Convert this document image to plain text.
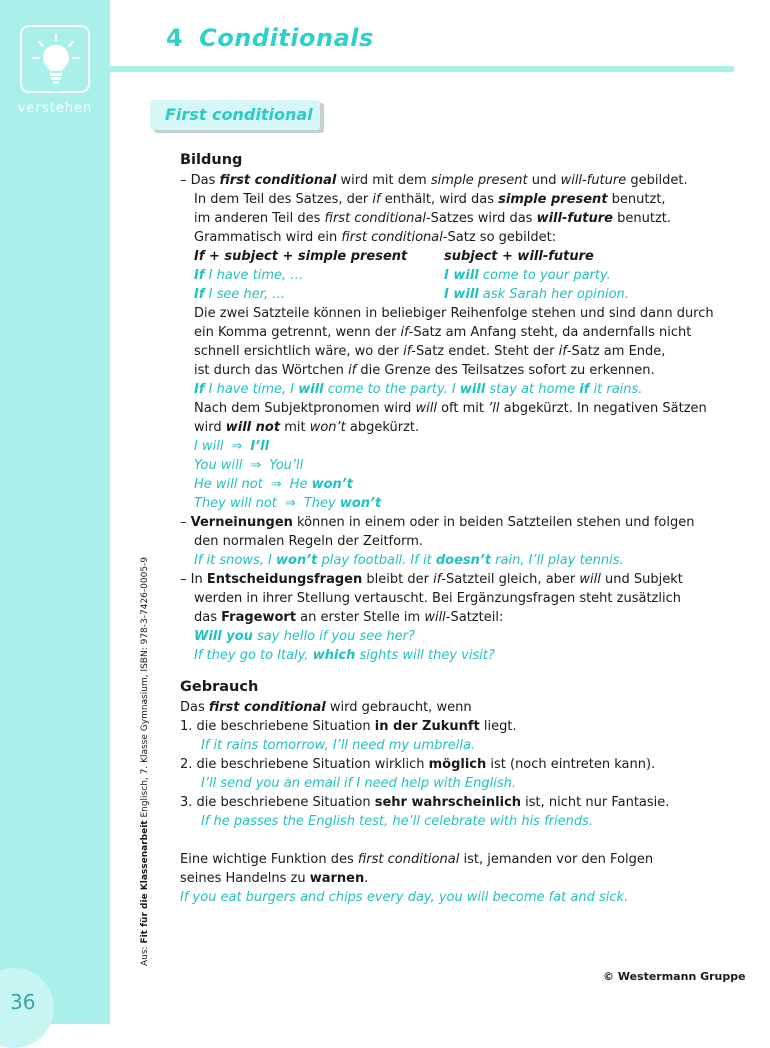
verstehen
36
Aus: Fit für die Klassenarbeit Englisch, 7. Klasse Gymnasium, ISBN: 978-3-7426-0005-9
4 Conditionals
First conditional
Bildung
– Das first conditional wird mit dem simple present und will-future gebildet.
In dem Teil des Satzes, der if enthält, wird das simple present benutzt,
im anderen Teil des first conditional-Satzes wird das will-future benutzt.
Grammatisch wird ein first conditional-Satz so gebildet:
If + subject + simple present	subject + will-future
If I have time, …	I will come to your party.
If I see her, …	I will ask Sarah her opinion.
Die zwei Satzteile können in beliebiger Reihenfolge stehen und sind dann durch
ein Komma getrennt, wenn der if-Satz am Anfang steht, da andernfalls nicht
schnell ersichtlich wäre, wo der if-Satz endet. Steht der if-Satz am Ende,
ist durch das Wörtchen if die Grenze des Teilsatzes sofort zu erkennen.
If I have time, I will come to the party. I will stay at home if it rains.
Nach dem Subjektpronomen wird will oft mit ’ll abgekürzt. In negativen Sätzen
wird will not mit won’t abgekürzt.
I will ⇒ I’ll
You will ⇒ You’ll
He will not ⇒ He won’t
They will not ⇒ They won’t
– Verneinungen können in einem oder in beiden Satzteilen stehen und folgen
den normalen Regeln der Zeitform.
If it snows, I won’t play football. If it doesn’t rain, I’ll play tennis.
– In Entscheidungsfragen bleibt der if-Satzteil gleich, aber will und Subjekt
werden in ihrer Stellung vertauscht. Bei Ergänzungsfragen steht zusätzlich
das Fragewort an erster Stelle im will-Satzteil:
Will you say hello if you see her?
If they go to Italy, which sights will they visit?
Gebrauch
Das first conditional wird gebraucht, wenn
1. die beschriebene Situation in der Zukunft liegt.
If it rains tomorrow, I’ll need my umbrella.
2. die beschriebene Situation wirklich möglich ist (noch eintreten kann).
I’ll send you an email if I need help with English.
3. die beschriebene Situation sehr wahrscheinlich ist, nicht nur Fantasie.
If he passes the English test, he’ll celebrate with his friends.
Eine wichtige Funktion des first conditional ist, jemanden vor den Folgen
seines Handelns zu warnen.
If you eat burgers and chips every day, you will become fat and sick.
© Westermann Gruppe
